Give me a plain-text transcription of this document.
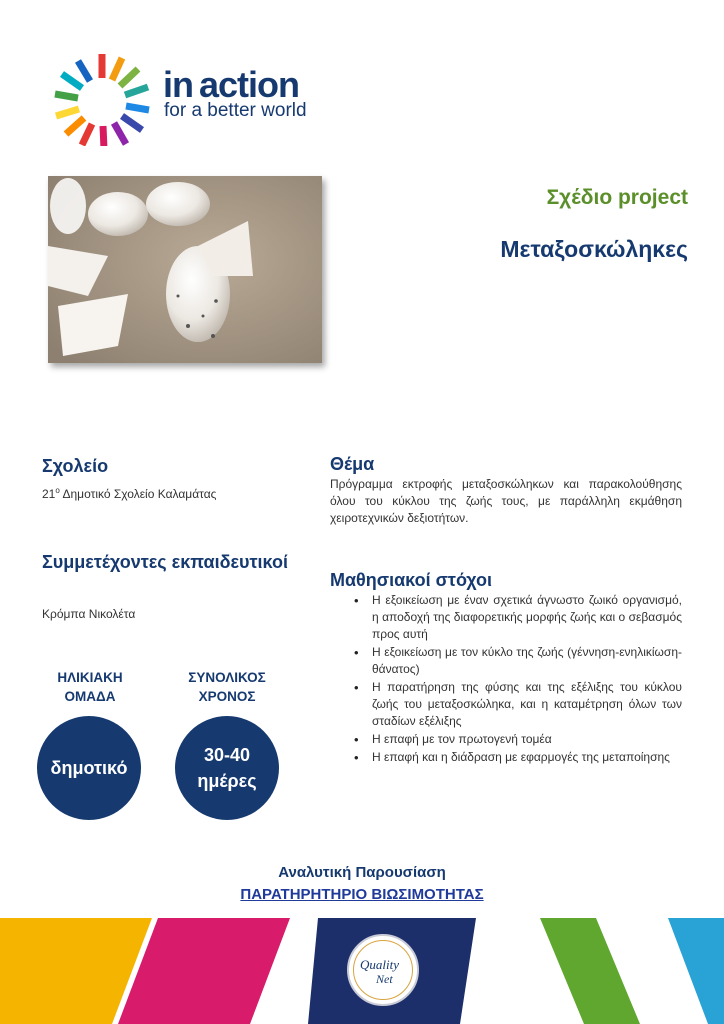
in action
for a better world
Σχέδιο project
Μεταξοσκώληκες
Σχολείο
$21^o$ Δημοτικό Σχολείο Καλαμάτας
Συμμετέχοντες εκπαιδευτικοί
Κρόμπα Νικολέτα
Θέμα
Πρόγραμμα εκτροφής μεταξοσκώληκων και παρακολούθησης όλου του κύκλου της ζωής τους, με παράλληλη εκμάθηση χειροτεχνικών δεξιοτήτων.
Μαθησιακοί στόχοι
• Η εξοικείωση με έναν σχετικά άγνωστο ζωικό οργανισμό, η αποδοχή της διαφορετικής μορφής ζωής και ο σεβασμός προς αυτή
• Η εξοικείωση με τον κύκλο της ζωής (γέννηση-ενηλικίωση-θάνατος)
• Η παρατήρηση της φύσης και της εξέλιξης του κύκλου ζωής του μεταξοσκώληκα, και η καταμέτρηση όλων των σταδίων εξέλιξης
• Η επαφή με τον πρωτογενή τομέα
• Η επαφή και η διάδραση με εφαρμογές της μεταποίησης
ΗΛΙΚΙΑΚΗ
ΟΜΑΔΑ
δημοτικό
ΣΥΝΟΛΙΚΟΣ
ΧΡΟΝΟΣ
30-40
ημέρες
Αναλυτική Παρουσίαση
ΠΑΡΑΤΗΡΗΤΗΡΙΟ ΒΙΩΣΙΜΟΤΗΤΑΣ
Quality
Net
